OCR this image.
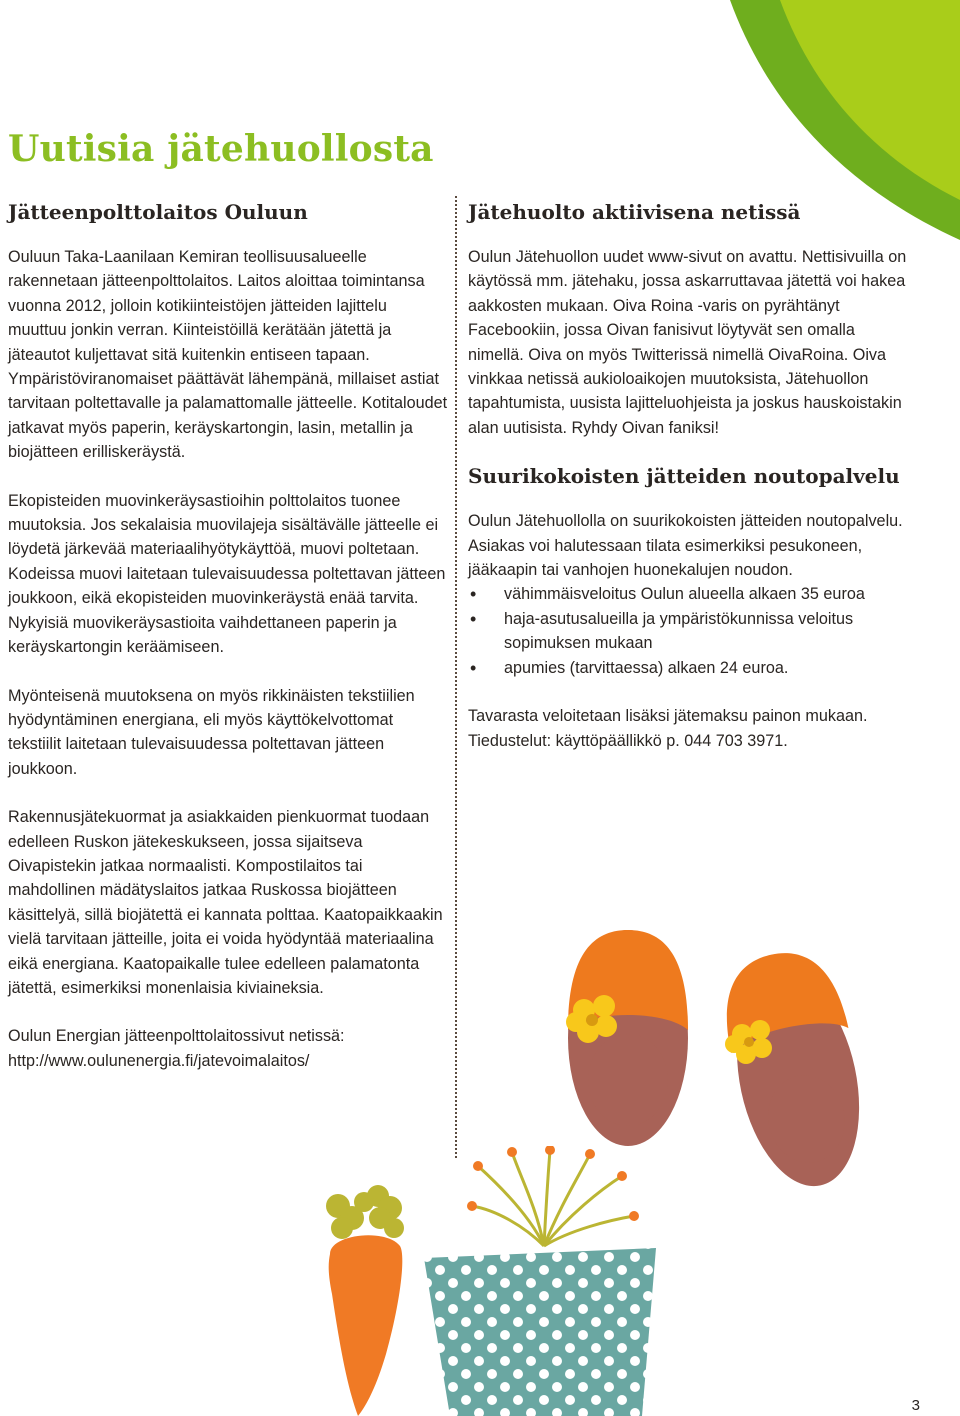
Uutisia jätehuollosta
Jätteenpolttolaitos Ouluun

Ouluun Taka-Laanilaan Kemiran teollisuusalueelle rakennetaan jätteenpolttolaitos. Laitos aloittaa toimintansa vuonna 2012, jolloin kotikiinteistöjen jätteiden lajittelu muuttuu jonkin verran. Kiinteistöillä kerätään jätettä ja jäteautot kuljettavat sitä kuitenkin entiseen tapaan. Ympäristöviranomaiset päättävät lähempänä, millaiset astiat tarvitaan poltettavalle ja palamattomalle jätteelle. Kotitaloudet jatkavat myös paperin, keräyskartongin, lasin, metallin ja biojätteen erilliskeräystä.

Ekopisteiden muovinkeräysastioihin polttolaitos tuonee muutoksia. Jos sekalaisia muovilajeja sisältävälle jätteelle ei löydetä järkevää materiaalihyötykäyttöä, muovi poltetaan. Kodeissa muovi laitetaan tulevaisuudessa poltettavan jätteen joukkoon, eikä ekopisteiden muovinkeräystä enää tarvita. Nykyisiä muovikeräysastioita vaihdettaneen paperin ja keräyskartongin keräämiseen.

Myönteisenä muutoksena on myös rikkinäisten tekstiilien hyödyntäminen energiana, eli myös käyttökelvottomat tekstiilit laitetaan tulevaisuudessa poltettavan jätteen joukkoon.

Rakennusjätekuormat ja asiakkaiden pienkuormat tuodaan edelleen Ruskon jätekeskukseen, jossa sijaitseva Oivapistekin jatkaa normaalisti. Kompostilaitos tai mahdollinen mädätyslaitos jatkaa Ruskossa biojätteen käsittelyä, sillä biojätettä ei kannata polttaa. Kaatopaikkaakin vielä tarvitaan jätteille, joita ei voida hyödyntää materiaalina eikä energiana. Kaatopaikalle tulee edelleen palamatonta jätettä, esimerkiksi monenlaisia kiviaineksia.

Oulun Energian jätteenpolttolaitossivut netissä: http://www.oulunenergia.fi/jatevoimalaitos/

Jätehuolto aktiivisena netissä

Oulun Jätehuollon uudet www-sivut on avattu. Nettisivuilla on käytössä mm. jätehaku, jossa askarruttavaa jätettä voi hakea aakkosten mukaan. Oiva Roina -varis on pyrähtänyt Facebookiin, jossa Oivan fanisivut löytyvät sen omalla nimellä. Oiva on myös Twitterissä nimellä OivaRoina. Oiva vinkkaa netissä aukioloaikojen muutoksista, Jätehuollon tapahtumista, uusista lajitteluohjeista ja joskus hauskoistakin alan uutisista. Ryhdy Oivan faniksi!

Suurikokoisten jätteiden noutopalvelu

Oulun Jätehuollolla on suurikokoisten jätteiden noutopalvelu. Asiakas voi halutessaan tilata esimerkiksi pesukoneen, jääkaapin tai vanhojen huonekalujen noudon.

• vähimmäisveloitus Oulun alueella alkaen 35 euroa
• haja-asutusalueilla ja ympäristökunnissa veloitus sopimuksen mukaan
• apumies (tarvittaessa) alkaen 24 euroa.

Tavarasta veloitetaan lisäksi jätemaksu painon mukaan. Tiedustelut: käyttöpäällikkö p. 044 703 3971.

3
